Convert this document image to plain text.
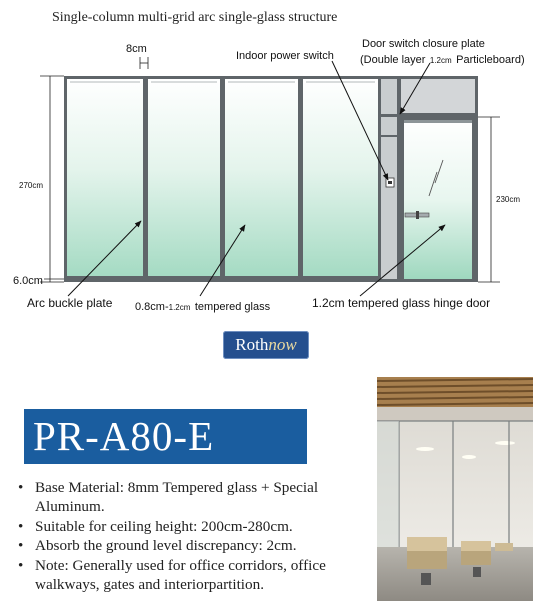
Single-column multi-grid arc single-glass structure
8cm
Indoor power switch
Door switch closure plate
(Double layer 1.2cm Particleboard)
270cm
230cm
6.0cm
Arc buckle plate 0.8cm-1.2cm tempered glass	1.2cm tempered glass hinge door
Rothnow
PR-A80-E
• Base Material: 8mm Tempered glass + Special Aluminum.
• Suitable for ceiling height: 200cm-280cm.
• Absorb the ground level discrepancy: 2cm.
• Note: Generally used for office corridors, office walkways, gates and interiorpartition.
